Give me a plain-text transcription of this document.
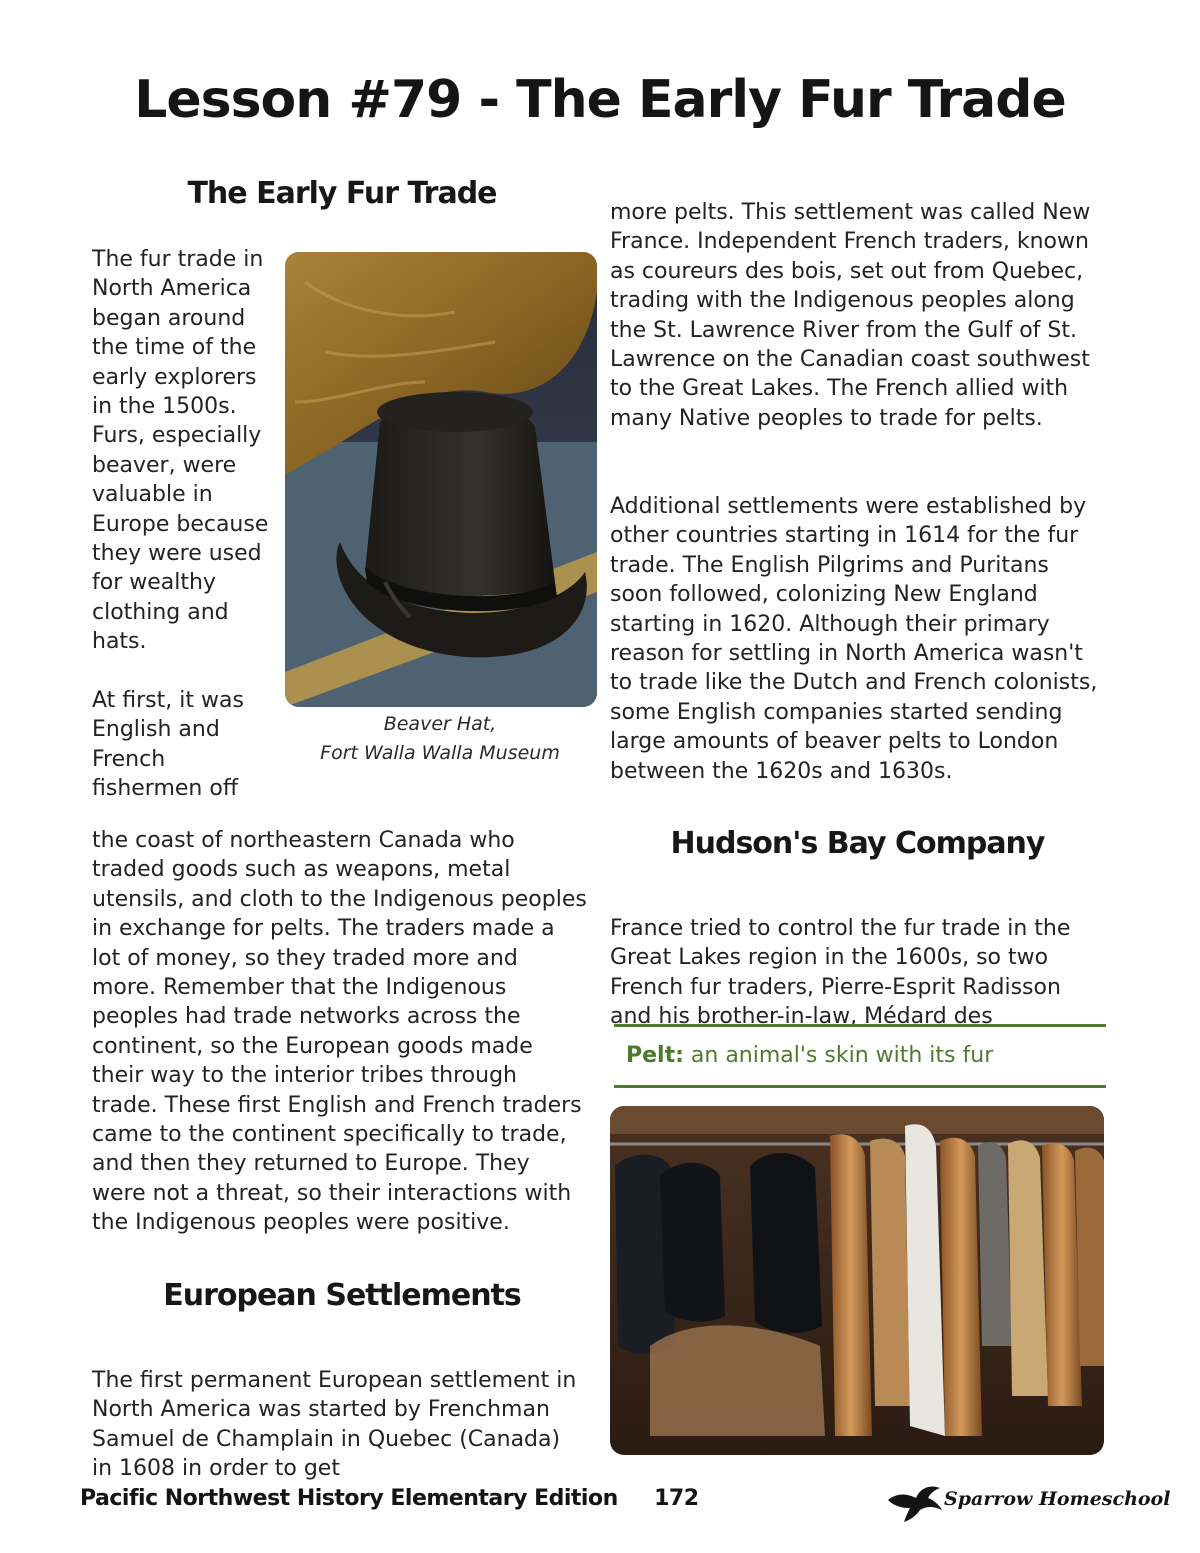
Lesson #79 - The Early Fur Trade
The Early Fur Trade

The fur trade in North America began around the time of the early explorers in the 1500s. Furs, especially beaver, were valuable in Europe because they were used for wealthy clothing and hats.

Beaver Hat,
Fort Walla Walla Museum

At first, it was English and French fishermen off

the coast of northeastern Canada who traded goods such as weapons, metal utensils, and cloth to the Indigenous peoples in exchange for pelts. The traders made a lot of money, so they traded more and more. Remember that the Indigenous peoples had trade networks across the continent, so the European goods made their way to the interior tribes through trade. These first English and French traders came to the continent specifically to trade, and then they returned to Europe. They were not a threat, so their interactions with the Indigenous peoples were positive.

European Settlements

The first permanent European settlement in North America was started by Frenchman Samuel de Champlain in Quebec (Canada) in 1608 in order to get

more pelts. This settlement was called New France. Independent French traders, known as coureurs des bois, set out from Quebec, trading with the Indigenous peoples along the St. Lawrence River from the Gulf of St. Lawrence on the Canadian coast southwest to the Great Lakes. The French allied with many Native peoples to trade for pelts.

Additional settlements were established by other countries starting in 1614 for the fur trade. The English Pilgrims and Puritans soon followed, colonizing New England starting in 1620. Although their primary reason for settling in North America wasn't to trade like the Dutch and French colonists, some English companies started sending large amounts of beaver pelts to London between the 1620s and 1630s.

Hudson's Bay Company

France tried to control the fur trade in the Great Lakes region in the 1600s, so two French fur traders, Pierre-Esprit Radisson and his brother-in-law, Médard des

Pelt: an animal's skin with its fur
Pacific Northwest History Elementary Edition 172	Sparrow Homeschool
